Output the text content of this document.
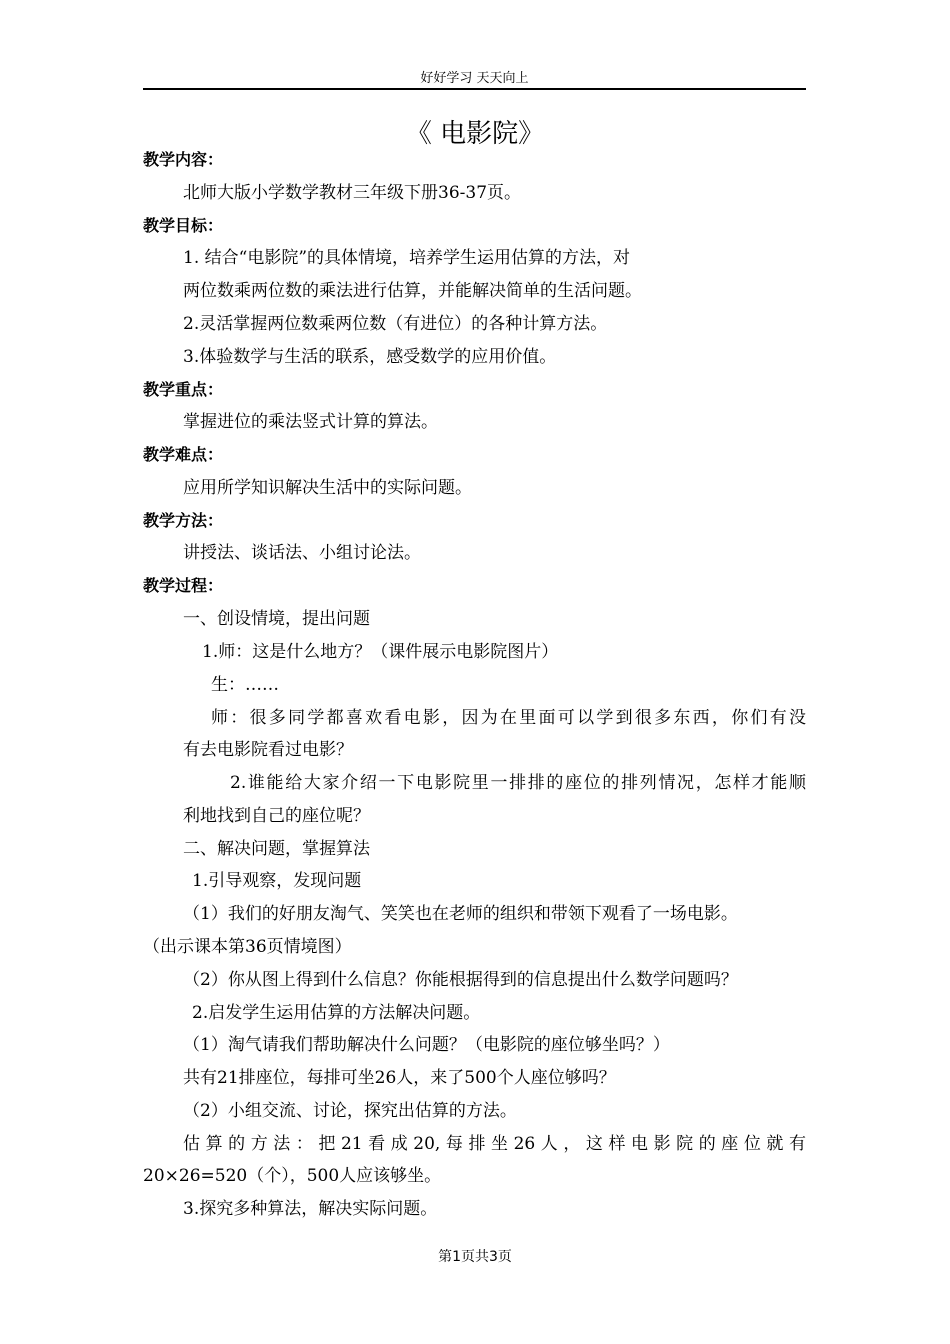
好好学习 天天向上
《 电影院》
教学内容：
北师大版小学数学教材三年级下册36-37页。
教学目标：
1. 结合“电影院”的具体情境，培养学生运用估算的方法，对
两位数乘两位数的乘法进行估算，并能解决简单的生活问题。
2.灵活掌握两位数乘两位数（有进位）的各种计算方法。
3.体验数学与生活的联系，感受数学的应用价值。
教学重点：
掌握进位的乘法竖式计算的算法。
教学难点：
应用所学知识解决生活中的实际问题。
教学方法：
讲授法、谈话法、小组讨论法。
教学过程：
一、创设情境，提出问题
1.师：这是什么地方？（课件展示电影院图片）
生：……
师：很多同学都喜欢看电影，因为在里面可以学到很多东西，你们有没
有去电影院看过电影？
2.谁能给大家介绍一下电影院里一排排的座位的排列情况，怎样才能顺
利地找到自己的座位呢？
二、解决问题，掌握算法
1.引导观察，发现问题
（1）我们的好朋友淘气、笑笑也在老师的组织和带领下观看了一场电影。
（出示课本第36页情境图）
（2）你从图上得到什么信息？你能根据得到的信息提出什么数学问题吗？
2.启发学生运用估算的方法解决问题。
（1）淘气请我们帮助解决什么问题？（电影院的座位够坐吗？）
共有21排座位，每排可坐26人，来了500个人座位够吗？
（2）小组交流、讨论，探究出估算的方法。
估算的方法：把21看成20,每排坐26人，这样电影院的座位就有
20×26=520（个），500人应该够坐。
3.探究多种算法，解决实际问题。
第1页共3页
